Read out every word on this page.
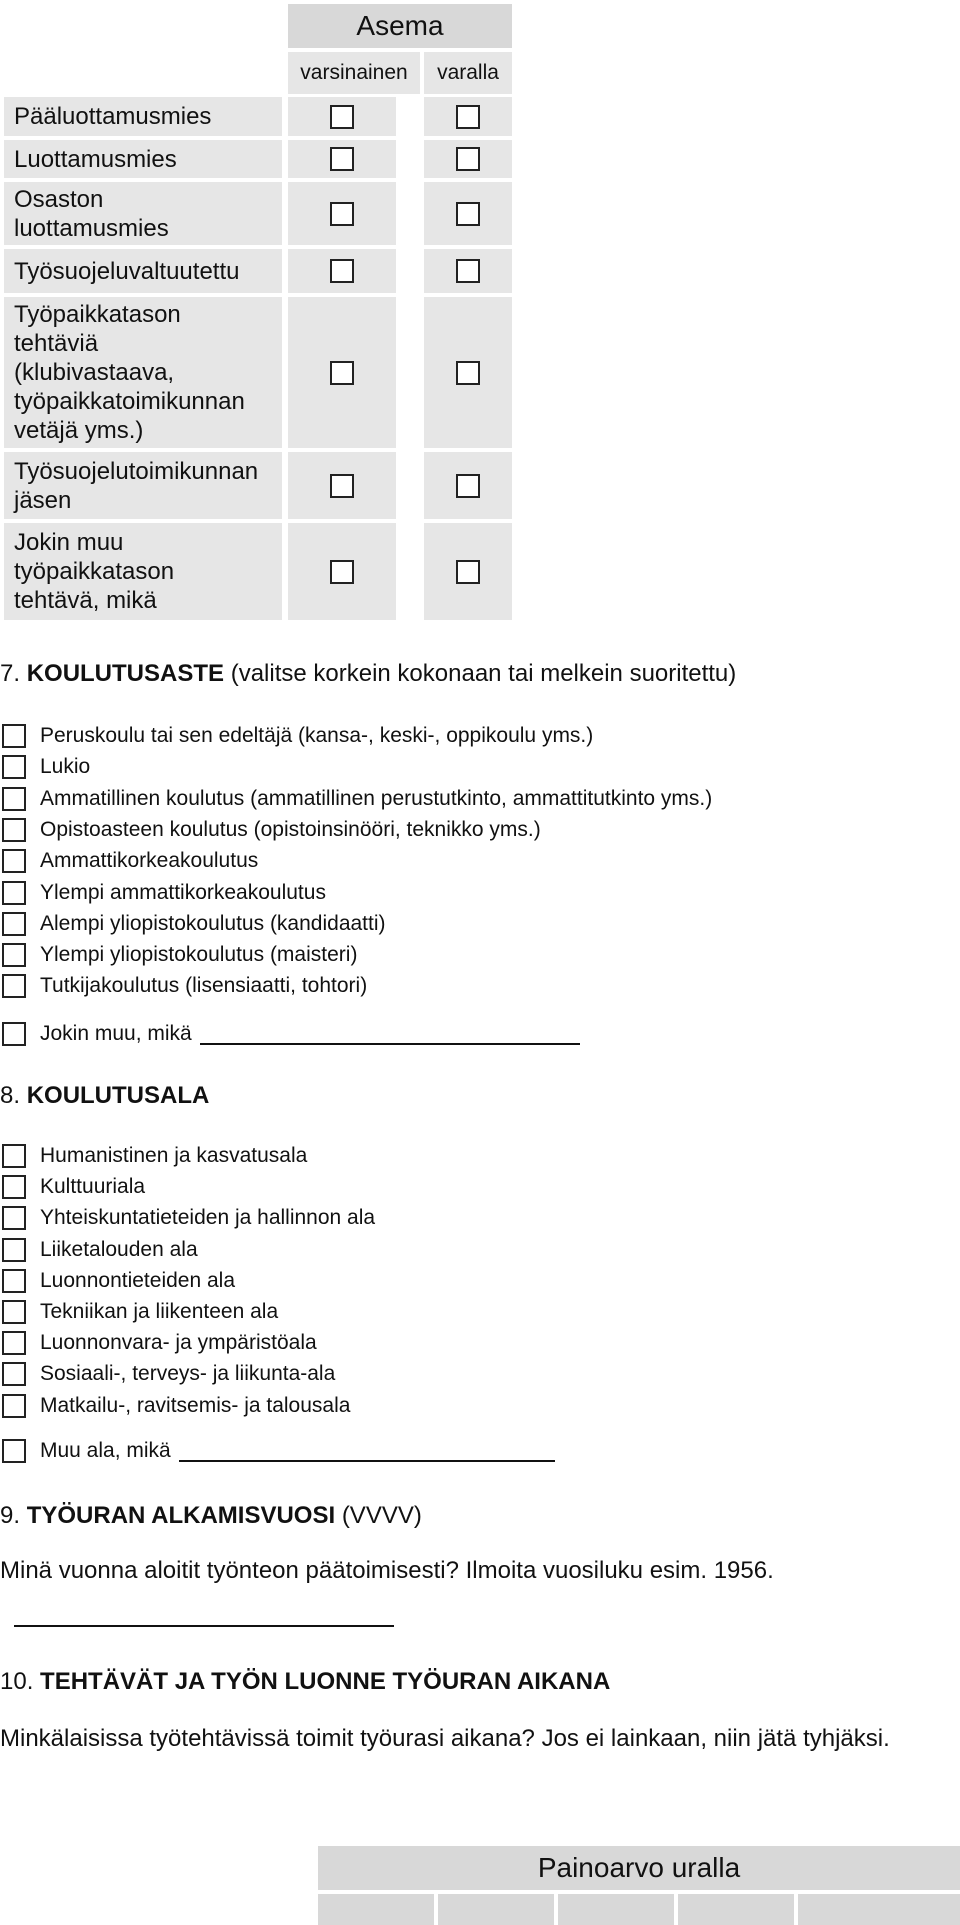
Asema
varsinainen	varalla
Pääluottamusmies
Luottamusmies
Osaston
luottamusmies
Työsuojeluvaltuutettu
Työpaikkatason
tehtäviä
(klubivastaava,
työpaikkatoimikunnan
vetäjä yms.)
Työsuojelutoimikunnan
jäsen
Jokin muu
työpaikkatason
tehtävä, mikä
7. KOULUTUSASTE (valitse korkein kokonaan tai melkein suoritettu)
Peruskoulu tai sen edeltäjä (kansa-, keski-, oppikoulu yms.)
Lukio
Ammatillinen koulutus (ammatillinen perustutkinto, ammattitutkinto yms.)
Opistoasteen koulutus (opistoinsinööri, teknikko yms.)
Ammattikorkeakoulutus
Ylempi ammattikorkeakoulutus
Alempi yliopistokoulutus (kandidaatti)
Ylempi yliopistokoulutus (maisteri)
Tutkijakoulutus (lisensiaatti, tohtori)
Jokin muu, mikä
8. KOULUTUSALA
Humanistinen ja kasvatusala
Kulttuuriala
Yhteiskuntatieteiden ja hallinnon ala
Liiketalouden ala
Luonnontieteiden ala
Tekniikan ja liikenteen ala
Luonnonvara- ja ympäristöala
Sosiaali-, terveys- ja liikunta-ala
Matkailu-, ravitsemis- ja talousala
Muu ala, mikä
9. TYÖURAN ALKAMISVUOSI (VVVV)
Minä vuonna aloitit työnteon päätoimisesti? Ilmoita vuosiluku esim. 1956.
10. TEHTÄVÄT JA TYÖN LUONNE TYÖURAN AIKANA
Minkälaisissa työtehtävissä toimit työurasi aikana? Jos ei lainkaan, niin jätä tyhjäksi.
Painoarvo uralla
